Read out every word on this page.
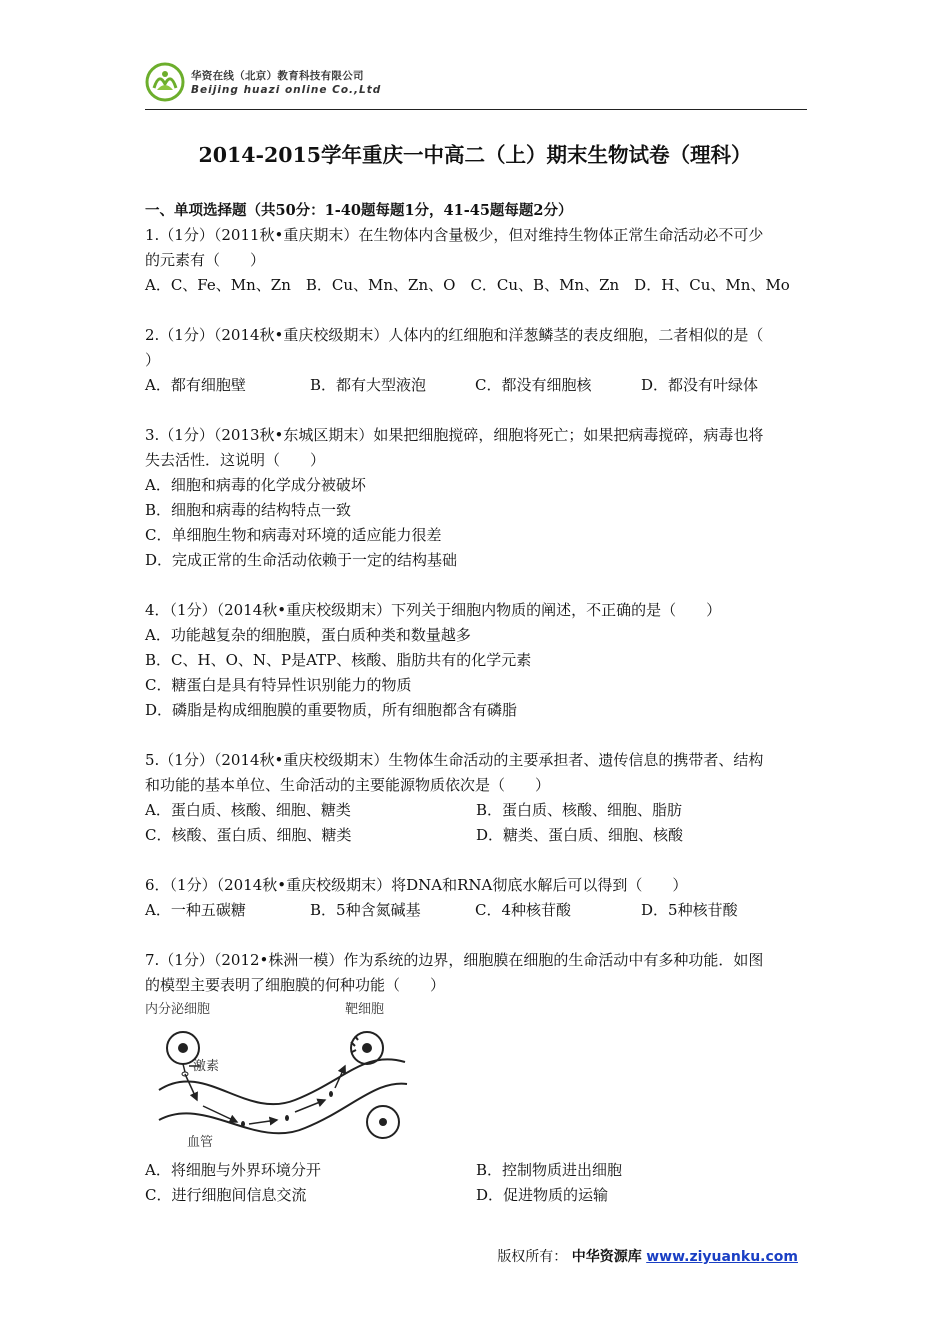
华资在线（北京）教育科技有限公司
Beijing huazi online Co.,Ltd
2014-2015学年重庆一中高二（上）期末生物试卷（理科）
一、单项选择题（共50分：1-40题每题1分，41-45题每题2分）
1.（1分）（2011秋•重庆期末）在生物体内含量极少，但对维持生物体正常生命活动必不可少
的元素有（　　）
A．C、Fe、Mn、Zn　B．Cu、Mn、Zn、O　C．Cu、B、Mn、Zn　D．H、Cu、Mn、Mo
2.（1分）（2014秋•重庆校级期末）人体内的红细胞和洋葱鳞茎的表皮细胞，二者相似的是（
）
A．都有细胞壁	B．都有大型液泡	C．都没有细胞核	D．都没有叶绿体
3.（1分）（2013秋•东城区期末）如果把细胞搅碎，细胞将死亡；如果把病毒搅碎，病毒也将
失去活性．这说明（　　）
A．细胞和病毒的化学成分被破坏
B．细胞和病毒的结构特点一致
C．单细胞生物和病毒对环境的适应能力很差
D．完成正常的生命活动依赖于一定的结构基础
4．（1分）（2014秋•重庆校级期末）下列关于细胞内物质的阐述，不正确的是（　　）
A．功能越复杂的细胞膜，蛋白质种类和数量越多
B．C、H、O、N、P是ATP、核酸、脂肪共有的化学元素
C．糖蛋白是具有特异性识别能力的物质
D．磷脂是构成细胞膜的重要物质，所有细胞都含有磷脂
5.（1分）（2014秋•重庆校级期末）生物体生命活动的主要承担者、遗传信息的携带者、结构
和功能的基本单位、生命活动的主要能源物质依次是（　　）
A．蛋白质、核酸、细胞、糖类	B．蛋白质、核酸、细胞、脂肪
C．核酸、蛋白质、细胞、糖类	D．糖类、蛋白质、细胞、核酸
6．（1分）（2014秋•重庆校级期末）将DNA和RNA彻底水解后可以得到（　　）
A．一种五碳糖	B．5种含氮碱基	C．4种核苷酸	D．5种核苷酸
7.（1分）（2012•株洲一模）作为系统的边界，细胞膜在细胞的生命活动中有多种功能．如图
的模型主要表明了细胞膜的何种功能（　　）
内分泌细胞
激素
靶细胞
血管
A．将细胞与外界环境分开	B．控制物质进出细胞
C．进行细胞间信息交流	D．促进物质的运输
版权所有： 中华资源库 www.ziyuanku.com
